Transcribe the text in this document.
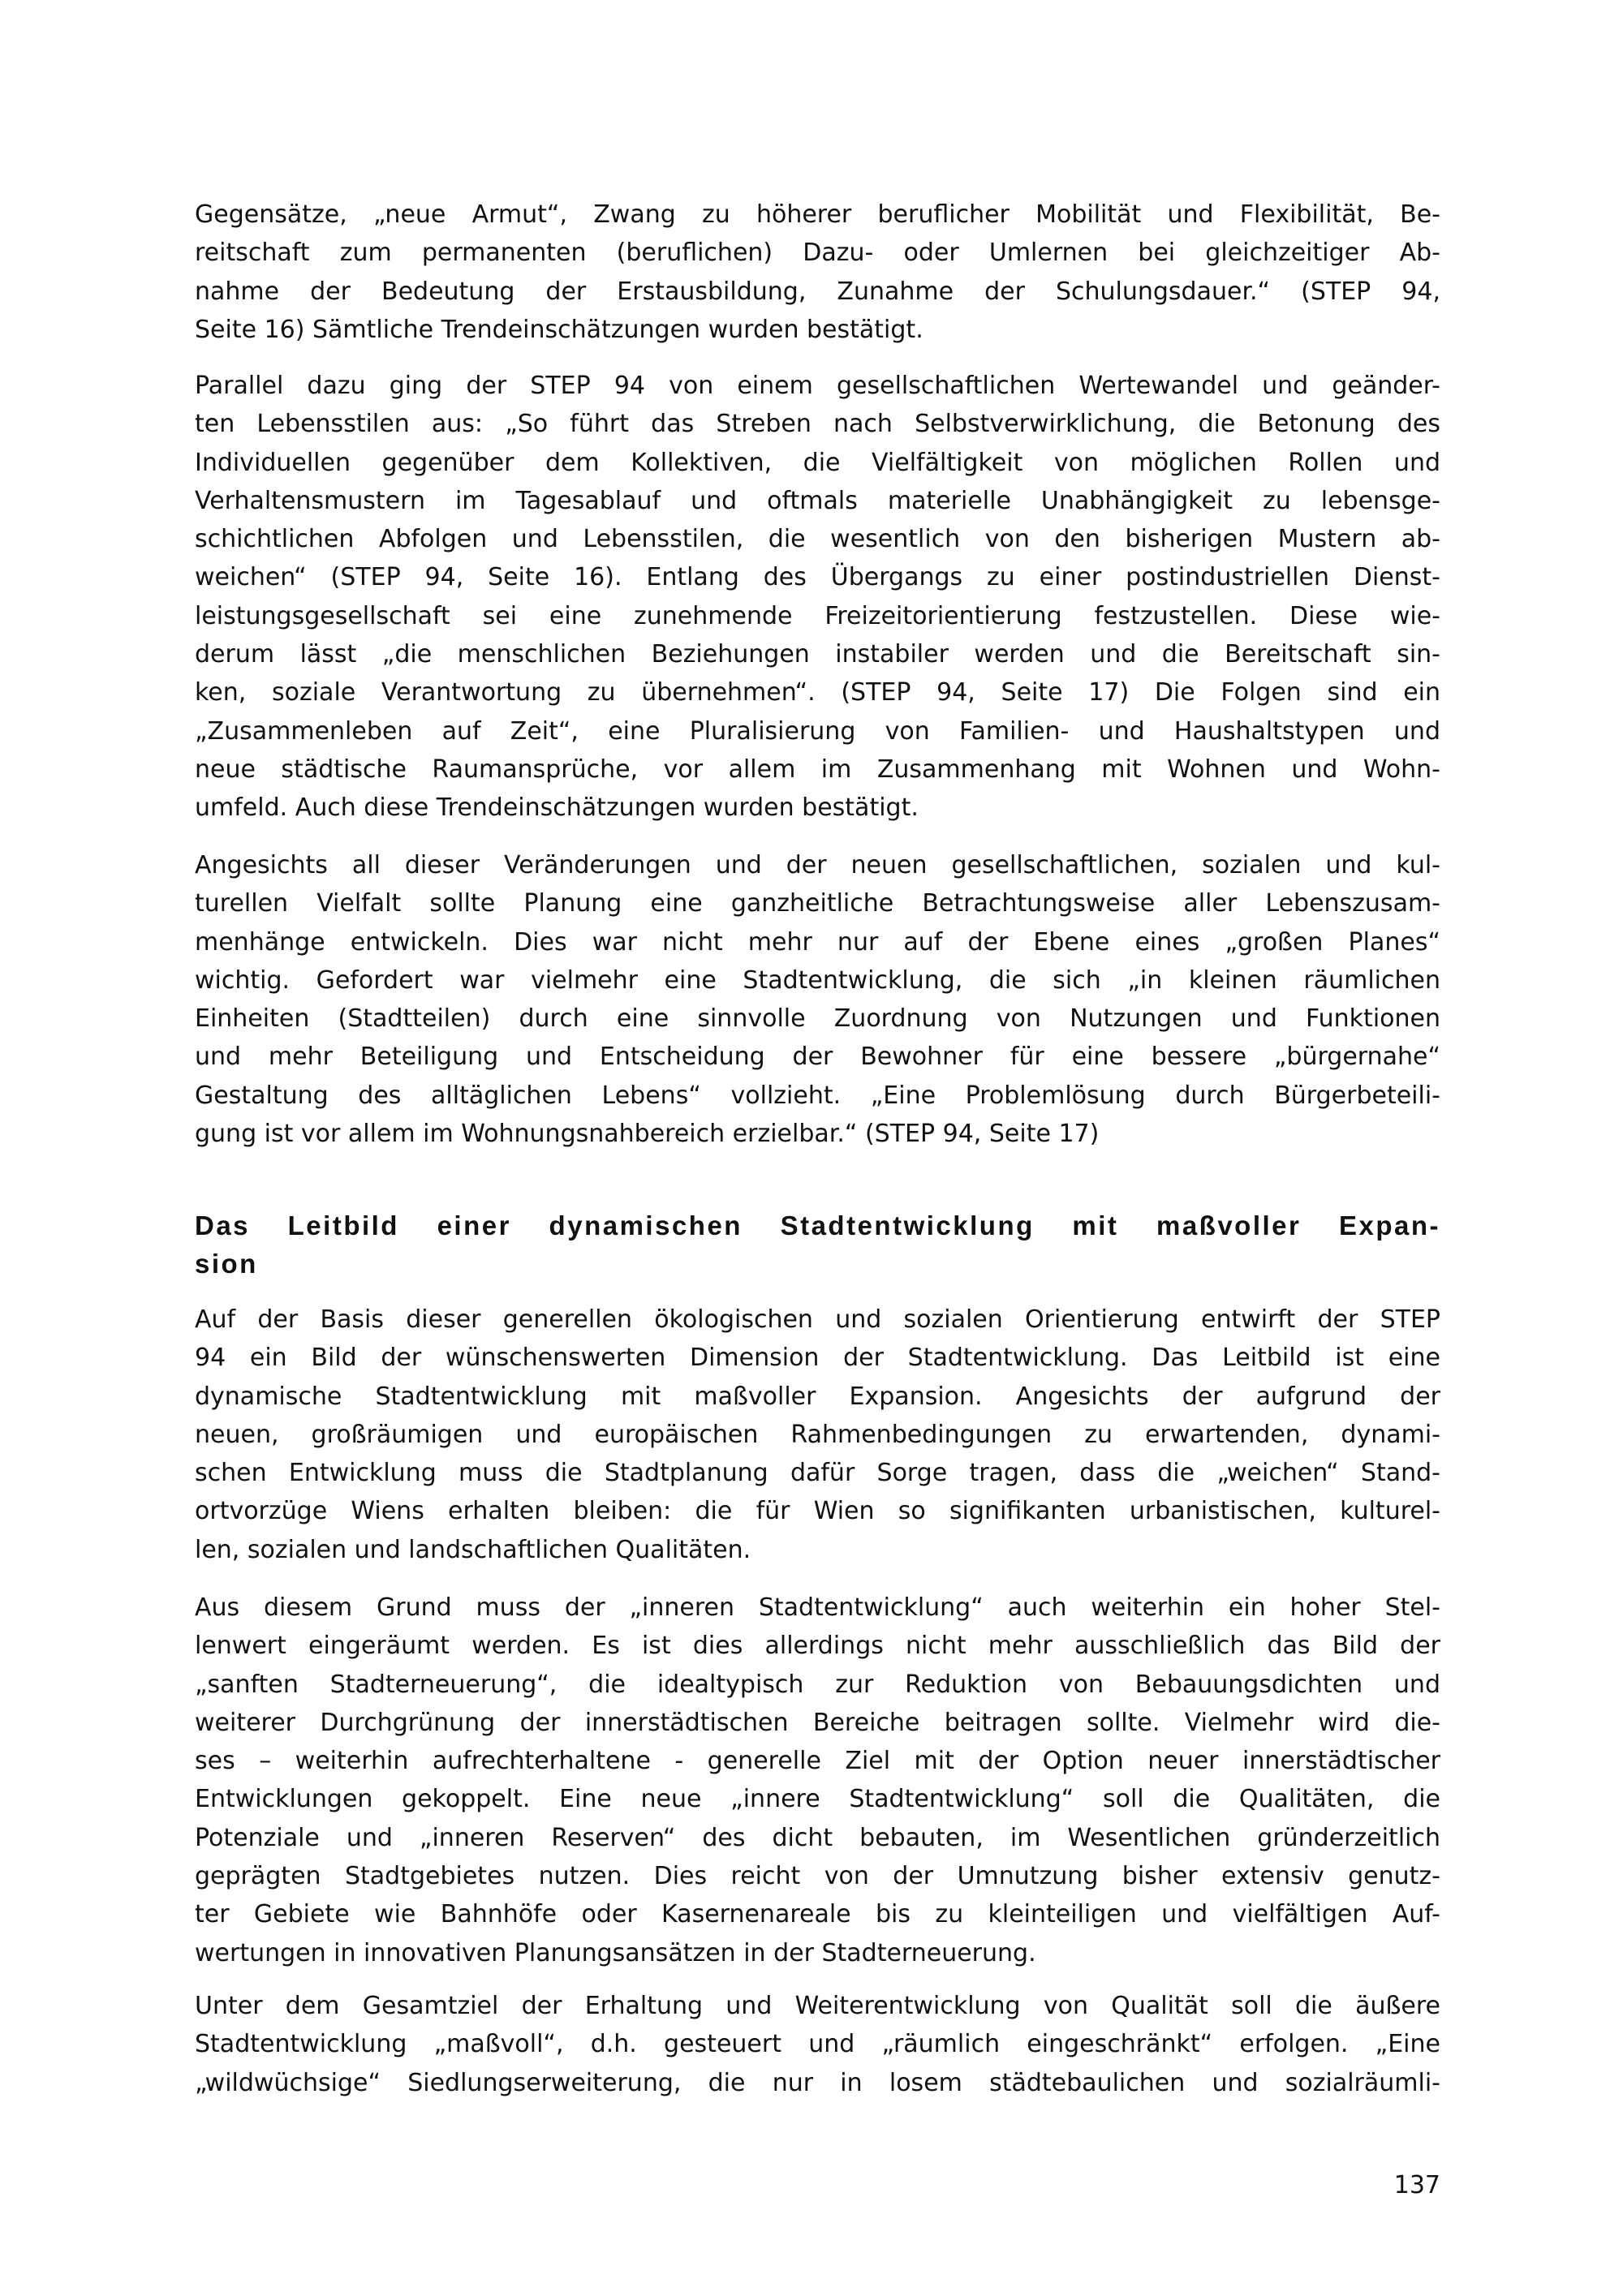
Gegensätze, „neue Armut“, Zwang zu höherer beruflicher Mobilität und Flexibilität, Be-
reitschaft zum permanenten (beruflichen) Dazu- oder Umlernen bei gleichzeitiger Ab-
nahme der Bedeutung der Erstausbildung, Zunahme der Schulungsdauer.“ (STEP 94,
Seite 16) Sämtliche Trendeinschätzungen wurden bestätigt.
Parallel dazu ging der STEP 94 von einem gesellschaftlichen Wertewandel und geänder-
ten Lebensstilen aus: „So führt das Streben nach Selbstverwirklichung, die Betonung des
Individuellen gegenüber dem Kollektiven, die Vielfältigkeit von möglichen Rollen und
Verhaltensmustern im Tagesablauf und oftmals materielle Unabhängigkeit zu lebensge-
schichtlichen Abfolgen und Lebensstilen, die wesentlich von den bisherigen Mustern ab-
weichen“ (STEP 94, Seite 16). Entlang des Übergangs zu einer postindustriellen Dienst-
leistungsgesellschaft sei eine zunehmende Freizeitorientierung festzustellen. Diese wie-
derum lässt „die menschlichen Beziehungen instabiler werden und die Bereitschaft sin-
ken, soziale Verantwortung zu übernehmen“. (STEP 94, Seite 17) Die Folgen sind ein
„Zusammenleben auf Zeit“, eine Pluralisierung von Familien- und Haushaltstypen und
neue städtische Raumansprüche, vor allem im Zusammenhang mit Wohnen und Wohn-
umfeld. Auch diese Trendeinschätzungen wurden bestätigt.
Angesichts all dieser Veränderungen und der neuen gesellschaftlichen, sozialen und kul-
turellen Vielfalt sollte Planung eine ganzheitliche Betrachtungsweise aller Lebenszusam-
menhänge entwickeln. Dies war nicht mehr nur auf der Ebene eines „großen Planes“
wichtig. Gefordert war vielmehr eine Stadtentwicklung, die sich „in kleinen räumlichen
Einheiten (Stadtteilen) durch eine sinnvolle Zuordnung von Nutzungen und Funktionen
und mehr Beteiligung und Entscheidung der Bewohner für eine bessere „bürgernahe“
Gestaltung des alltäglichen Lebens“ vollzieht. „Eine Problemlösung durch Bürgerbeteili-
gung ist vor allem im Wohnungsnahbereich erzielbar.“ (STEP 94, Seite 17)
Das Leitbild einer dynamischen Stadtentwicklung mit maßvoller Expan-
sion
Auf der Basis dieser generellen ökologischen und sozialen Orientierung entwirft der STEP
94 ein Bild der wünschenswerten Dimension der Stadtentwicklung. Das Leitbild ist eine
dynamische Stadtentwicklung mit maßvoller Expansion. Angesichts der aufgrund der
neuen, großräumigen und europäischen Rahmenbedingungen zu erwartenden, dynami-
schen Entwicklung muss die Stadtplanung dafür Sorge tragen, dass die „weichen“ Stand-
ortvorzüge Wiens erhalten bleiben: die für Wien so signifikanten urbanistischen, kulturel-
len, sozialen und landschaftlichen Qualitäten.
Aus diesem Grund muss der „inneren Stadtentwicklung“ auch weiterhin ein hoher Stel-
lenwert eingeräumt werden. Es ist dies allerdings nicht mehr ausschließlich das Bild der
„sanften Stadterneuerung“, die idealtypisch zur Reduktion von Bebauungsdichten und
weiterer Durchgrünung der innerstädtischen Bereiche beitragen sollte. Vielmehr wird die-
ses – weiterhin aufrechterhaltene - generelle Ziel mit der Option neuer innerstädtischer
Entwicklungen gekoppelt. Eine neue „innere Stadtentwicklung“ soll die Qualitäten, die
Potenziale und „inneren Reserven“ des dicht bebauten, im Wesentlichen gründerzeitlich
geprägten Stadtgebietes nutzen. Dies reicht von der Umnutzung bisher extensiv genutz-
ter Gebiete wie Bahnhöfe oder Kasernenareale bis zu kleinteiligen und vielfältigen Auf-
wertungen in innovativen Planungsansätzen in der Stadterneuerung.
Unter dem Gesamtziel der Erhaltung und Weiterentwicklung von Qualität soll die äußere
Stadtentwicklung „maßvoll“, d.h. gesteuert und „räumlich eingeschränkt“ erfolgen. „Eine
„wildwüchsige“ Siedlungserweiterung, die nur in losem städtebaulichen und sozialräumli-
137
